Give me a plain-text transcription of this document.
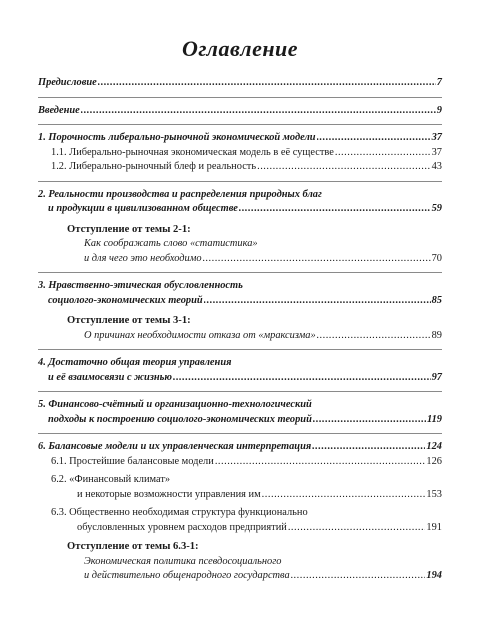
Оглавление
Предисловие .....	7
Введение .....	9
1. Порочность либерально-рыночной экономической модели .....	37
1.1. Либерально-рыночная экономическая модель в её существе .....	37
1.2. Либерально-рыночный блеф и реальность .....	43
2. Реальности производства и распределения природных благ
и продукции в цивилизованном обществе .....	59
Отступление от темы 2-1:
Как соображать слово «статистика»
и для чего это необходимо .....	70
3. Нравственно-этическая обусловленность
социолого-экономических теорий .....	85
Отступление от темы 3-1:
О причинах необходимости отказа от «мраксизма» .....	89
4. Достаточно общая теория управления
и её взаимосвязи с жизнью .....	97
5. Финансово-счётный и организационно-технологический
подходы к построению социолого-экономических теорий .....	119
6. Балансовые модели и их управленческая интерпретация .....	124
6.1. Простейшие балансовые модели .....	126
6.2. «Финансовый климат»
и некоторые возможности управления им .....	153
6.3. Общественно необходимая структура функционально
обусловленных уровнем расходов предприятий .....	191
Отступление от темы 6.3-1:
Экономическая политика псевдосоциального
и действительно общенародного государства .....	194
